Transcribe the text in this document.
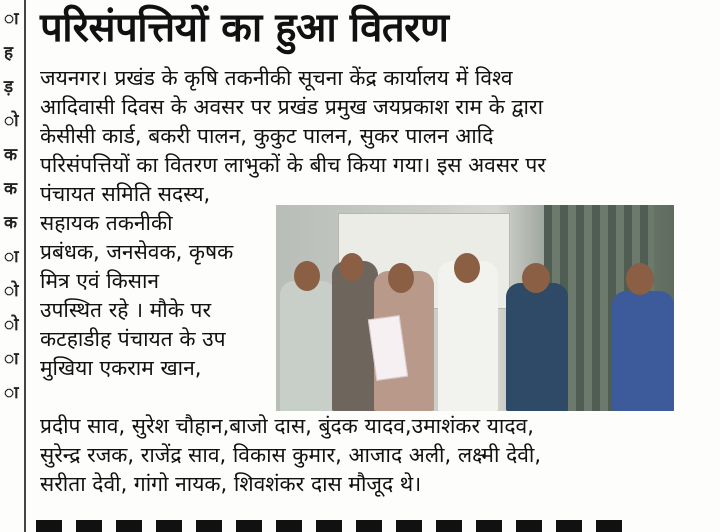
ा
ह
ड़
ो
क
क
क
ा
ो
ो
ा
ा
परिसंपत्तियों का हुआ वितरण
जयनगर। प्रखंड के कृषि तकनीकी सूचना केंद्र कार्यालय में विश्व
आदिवासी दिवस के अवसर पर प्रखंड प्रमुख जयप्रकाश राम के द्वारा
केसीसी कार्ड, बकरी पालन, कुकुट पालन, सुकर पालन आदि
परिसंपत्तियों का वितरण लाभुकों के बीच किया गया। इस अवसर पर
पंचायत समिति सदस्य,
सहायक तकनीकी
प्रबंधक, जनसेवक, कृषक
मित्र एवं किसान
उपस्थित रहे । मौके पर
कटहाडीह पंचायत के उप
मुखिया एकराम खान,
प्रदीप साव, सुरेश चौहान,बाजो दास, बुंदक यादव,उमाशंकर यादव,
सुरेन्द्र रजक, राजेंद्र साव, विकास कुमार, आजाद अली, लक्ष्मी देवी,
सरीता देवी, गांगो नायक, शिवशंकर दास मौजूद थे।
